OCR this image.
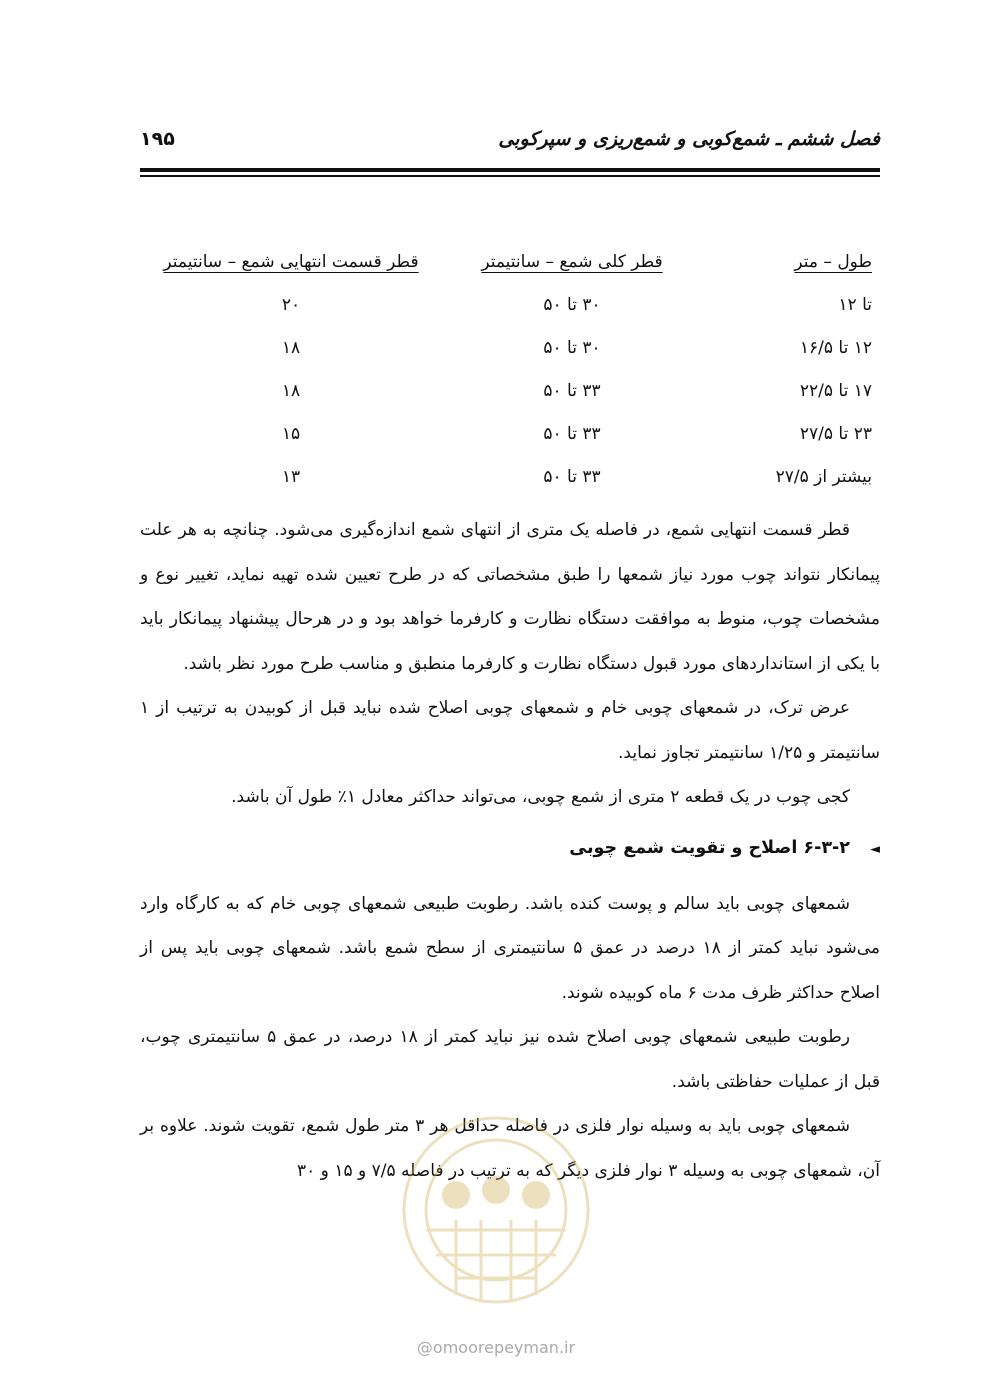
فصل ششم ـ شمع‌کوبی و شمع‌ریزی و سپرکوبی
۱۹۵
طول – متر
قطر کلی شمع – سانتیمتر
قطر قسمت انتهایی شمع – سانتیمتر
تا ۱۲
۳۰ تا ۵۰
۲۰
۱۲ تا ۱۶/۵
۳۰ تا ۵۰
۱۸
۱۷ تا ۲۲/۵
۳۳ تا ۵۰
۱۸
۲۳ تا ۲۷/۵
۳۳ تا ۵۰
۱۵
بیشتر از ۲۷/۵
۳۳ تا ۵۰
۱۳

قطر قسمت انتهایی شمع، در فاصله یک متری از انتهای شمع اندازه‌گیری می‌شود. چنانچه به هر علت پیمانکار نتواند چوب مورد نیاز شمعها را طبق مشخصاتی که در طرح تعیین شده تهیه نماید، تغییر نوع و مشخصات چوب، منوط به موافقت دستگاه نظارت و کارفرما خواهد بود و در هرحال پیشنهاد پیمانکار باید با یکی از استانداردهای مورد قبول دستگاه نظارت و کارفرما منطبق و مناسب طرح مورد نظر باشد.

عرض ترک، در شمعهای چوبی خام و شمعهای چوبی اصلاح شده نباید قبل از کوبیدن به ترتیب از ۱ سانتیمتر و ۱/۲۵ سانتیمتر تجاوز نماید.

کجی چوب در یک قطعه ۲ متری از شمع چوبی، می‌تواند حداکثر معادل ۱٪ طول آن باشد.

◄۶-۳-۲ اصلاح و تقویت شمع چوبی

شمعهای چوبی باید سالم و پوست کنده باشد. رطوبت طبیعی شمعهای چوبی خام که به کارگاه وارد می‌شود نباید کمتر از ۱۸ درصد در عمق ۵ سانتیمتری از سطح شمع باشد. شمعهای چوبی باید پس از اصلاح حداکثر ظرف مدت ۶ ماه کوبیده شوند.

رطوبت طبیعی شمعهای چوبی اصلاح شده نیز نباید کمتر از ۱۸ درصد، در عمق ۵ سانتیمتری چوب، قبل از عملیات حفاظتی باشد.

شمعهای چوبی باید به وسیله نوار فلزی در فاصله حداقل هر ۳ متر طول شمع، تقویت شوند. علاوه بر آن، شمعهای چوبی به وسیله ۳ نوار فلزی دیگر که به ترتیب در فاصله ۷/۵ و ۱۵ و ۳۰

@omoorepeyman.ir
